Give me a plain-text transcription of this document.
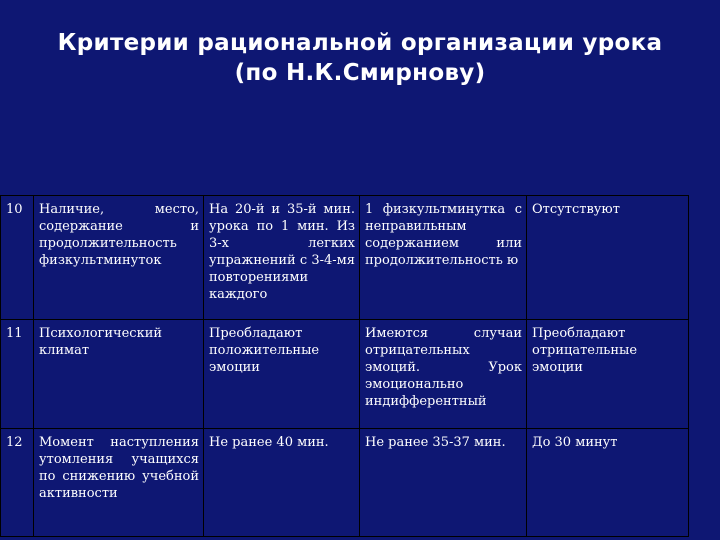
Критерии рациональной организации урока
(по Н.К.Смирнову)
10	Наличие, место, содержание и продолжительность физкультминуток	На 20-й и 35-й мин. урока по 1 мин. Из 3-х легких упражнений с 3-4-мя повторениями каждого	1 физкультминутка с неправильным содержанием или продолжительность ю	Отсутствуют
11	Психологический климат	Преобладают положительные эмоции	Имеются случаи отрицательных эмоций. Урок эмоционально индифферентный	Преобладают отрицательные эмоции
12	Момент наступления утомления учащихся по снижению учебной активности	Не ранее 40 мин.	Не ранее 35-37 мин.	До 30 минут
